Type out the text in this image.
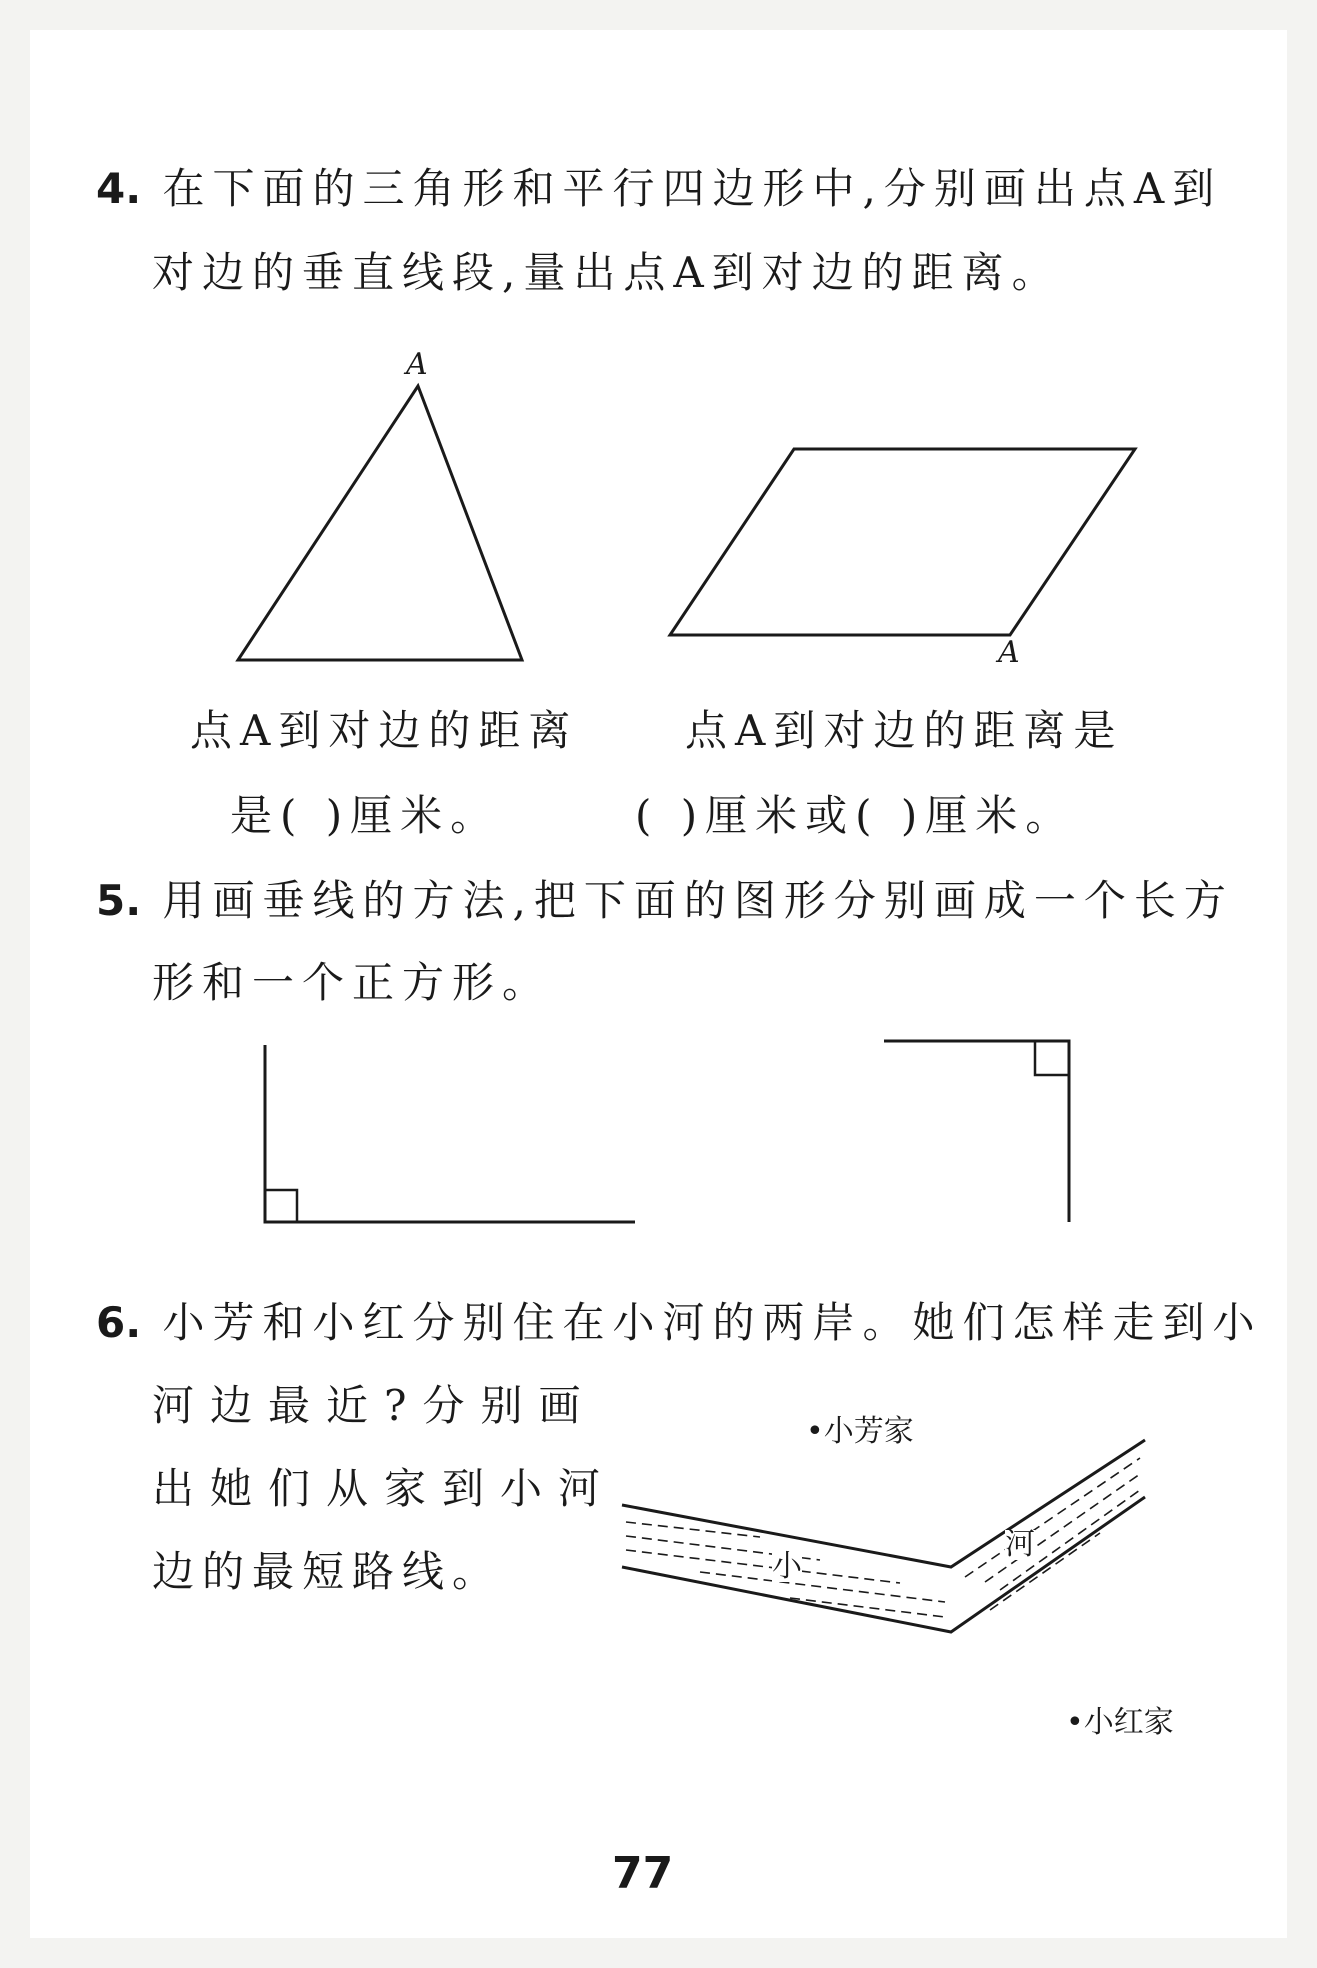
4. 在下面的三角形和平行四边形中,分别画出点A到
对边的垂直线段,量出点A到对边的距离。
A
A
点A到对边的距离
是( )厘米。
点A到对边的距离是
( )厘米或( )厘米。
5. 用画垂线的方法,把下面的图形分别画成一个长方
形和一个正方形。
6. 小芳和小红分别住在小河的两岸。她们怎样走到小
河边最近?分别画
出她们从家到小河
边的最短路线。
•小芳家
•小红家
小
河
77
